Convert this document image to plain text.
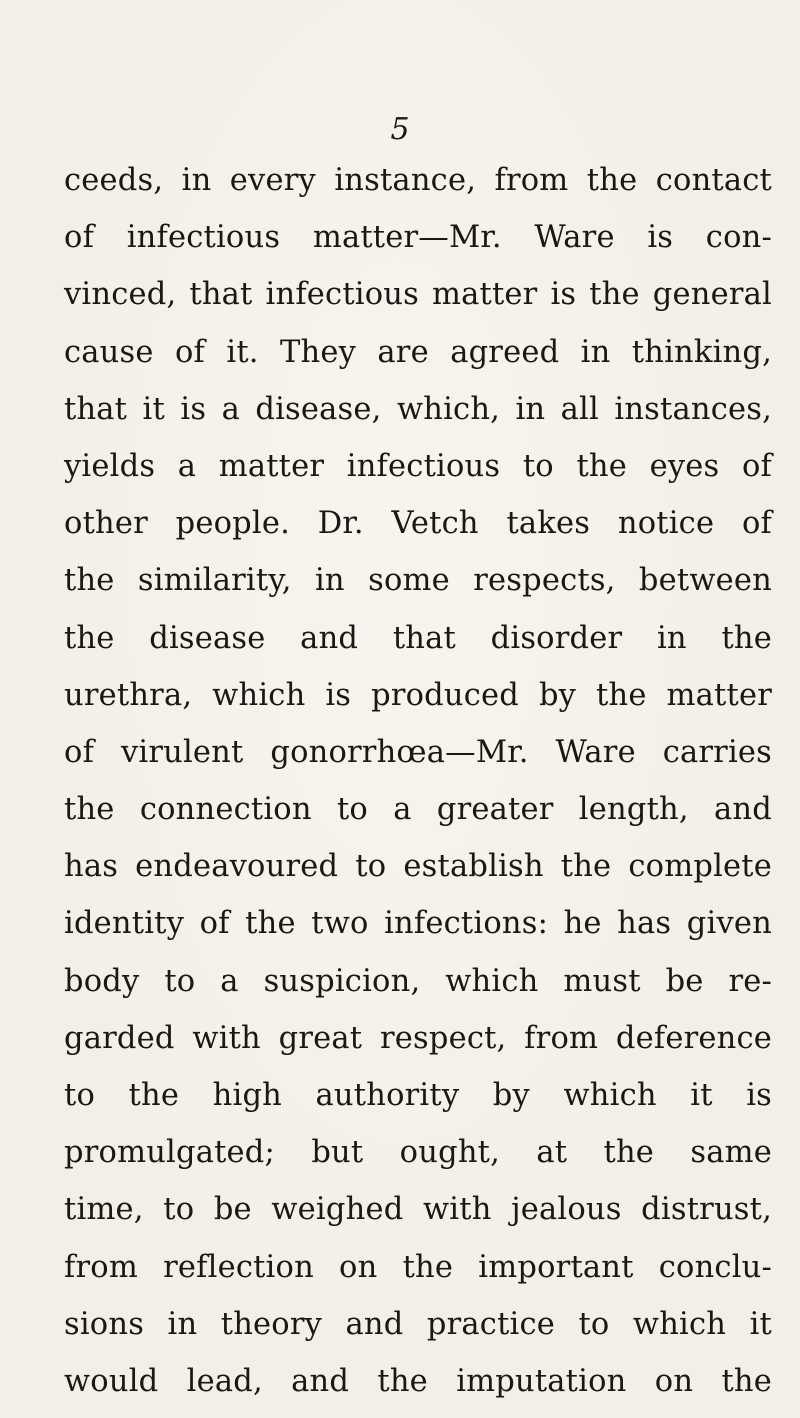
5
ceeds, in every instance, from the contact
of infectious matter—Mr. Ware is con-
vinced, that infectious matter is the general
cause of it. They are agreed in thinking,
that it is a disease, which, in all instances,
yields a matter infectious to the eyes of
other people. Dr. Vetch takes notice of
the similarity, in some respects, between
the disease and that disorder in the
urethra, which is produced by the matter
of virulent gonorrhœa—Mr. Ware carries
the connection to a greater length, and
has endeavoured to establish the complete
identity of the two infections: he has given
body to a suspicion, which must be re-
garded with great respect, from deference
to the high authority by which it is
promulgated; but ought, at the same
time, to be weighed with jealous distrust,
from reflection on the important conclu-
sions in theory and practice to which it
would lead, and the imputation on the
